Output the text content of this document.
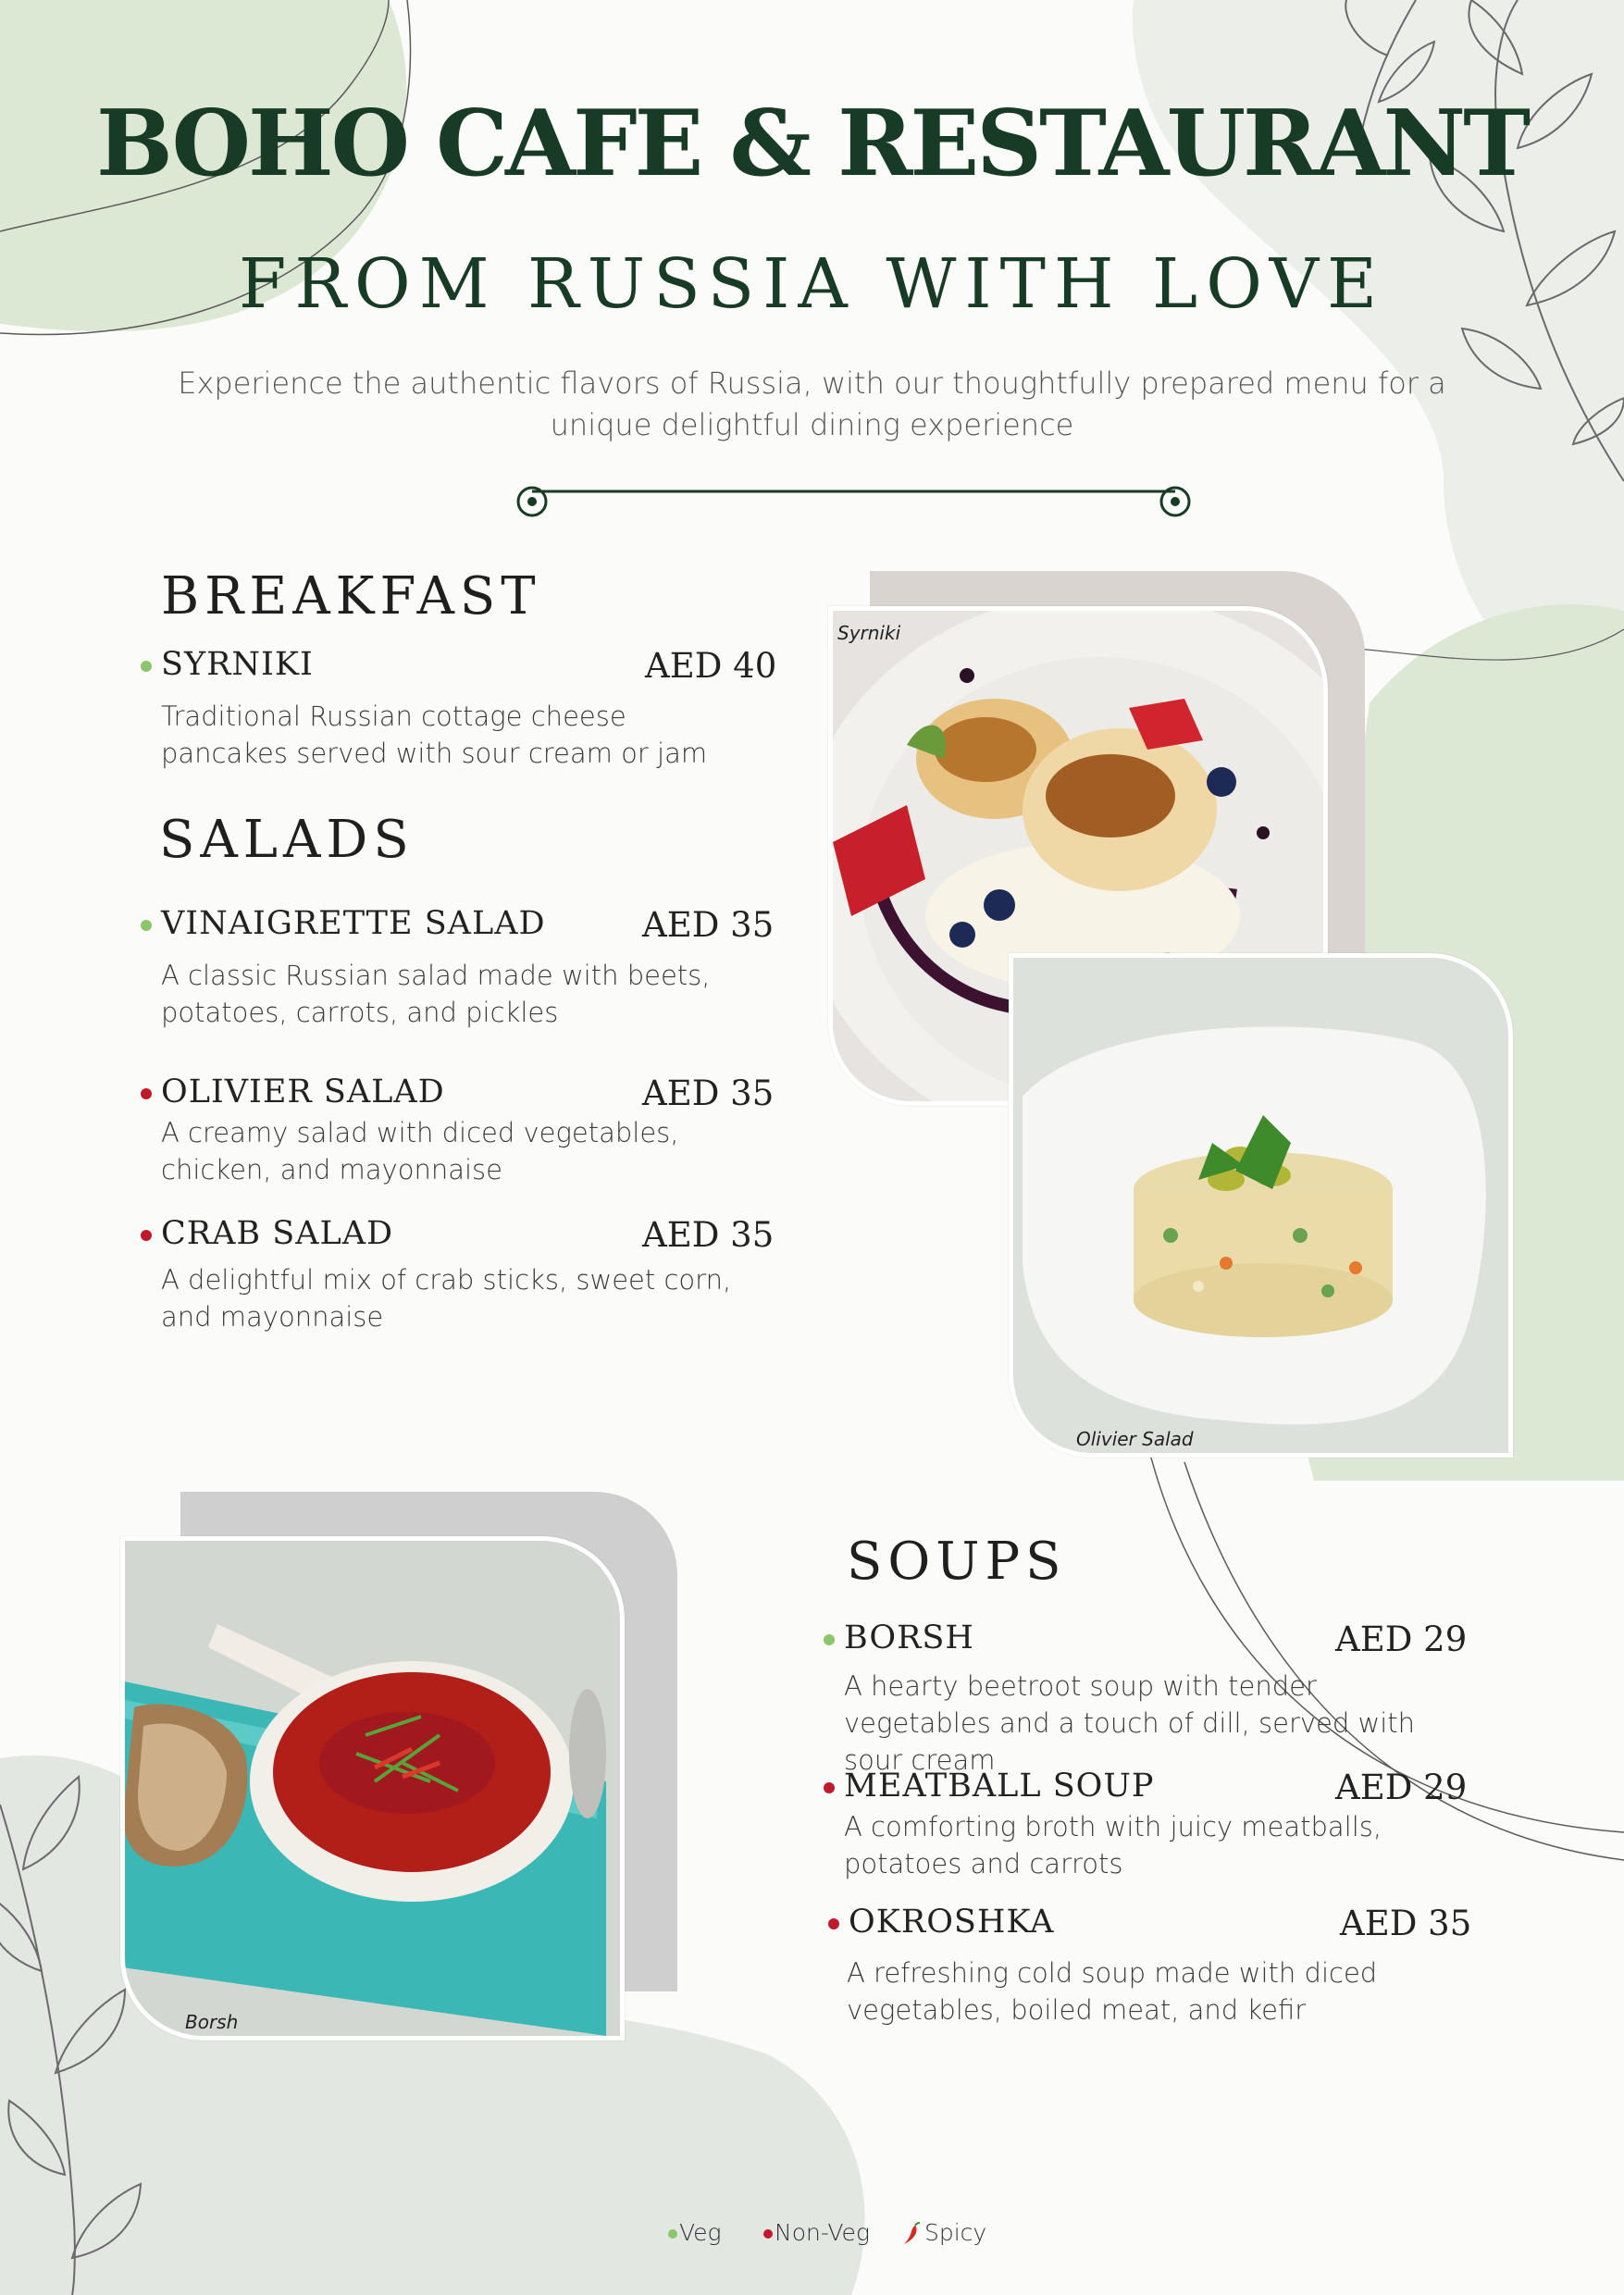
BOHO CAFE & RESTAURANT
FROM RUSSIA WITH LOVE
Experience the authentic flavors of Russia, with our thoughtfully prepared menu for a unique delightful dining experience
BREAKFAST
SYRNIKI	AED 40
Traditional Russian cottage cheese pancakes served with sour cream or jam
SALADS
VINAIGRETTE SALAD	AED 35
A classic Russian salad made with beets, potatoes, carrots, and pickles
OLIVIER SALAD	AED 35
A creamy salad with diced vegetables, chicken, and mayonnaise
CRAB SALAD	AED 35
A delightful mix of crab sticks, sweet corn, and mayonnaise
Syrniki
Olivier Salad
Borsh
SOUPS
BORSH	AED 29
A hearty beetroot soup with tender vegetables and a touch of dill, served with sour cream
MEATBALL SOUP	AED 29
A comforting broth with juicy meatballs, potatoes and carrots
OKROSHKA	AED 35
A refreshing cold soup made with diced vegetables, boiled meat, and kefir
Veg	Non-Veg	Spicy
